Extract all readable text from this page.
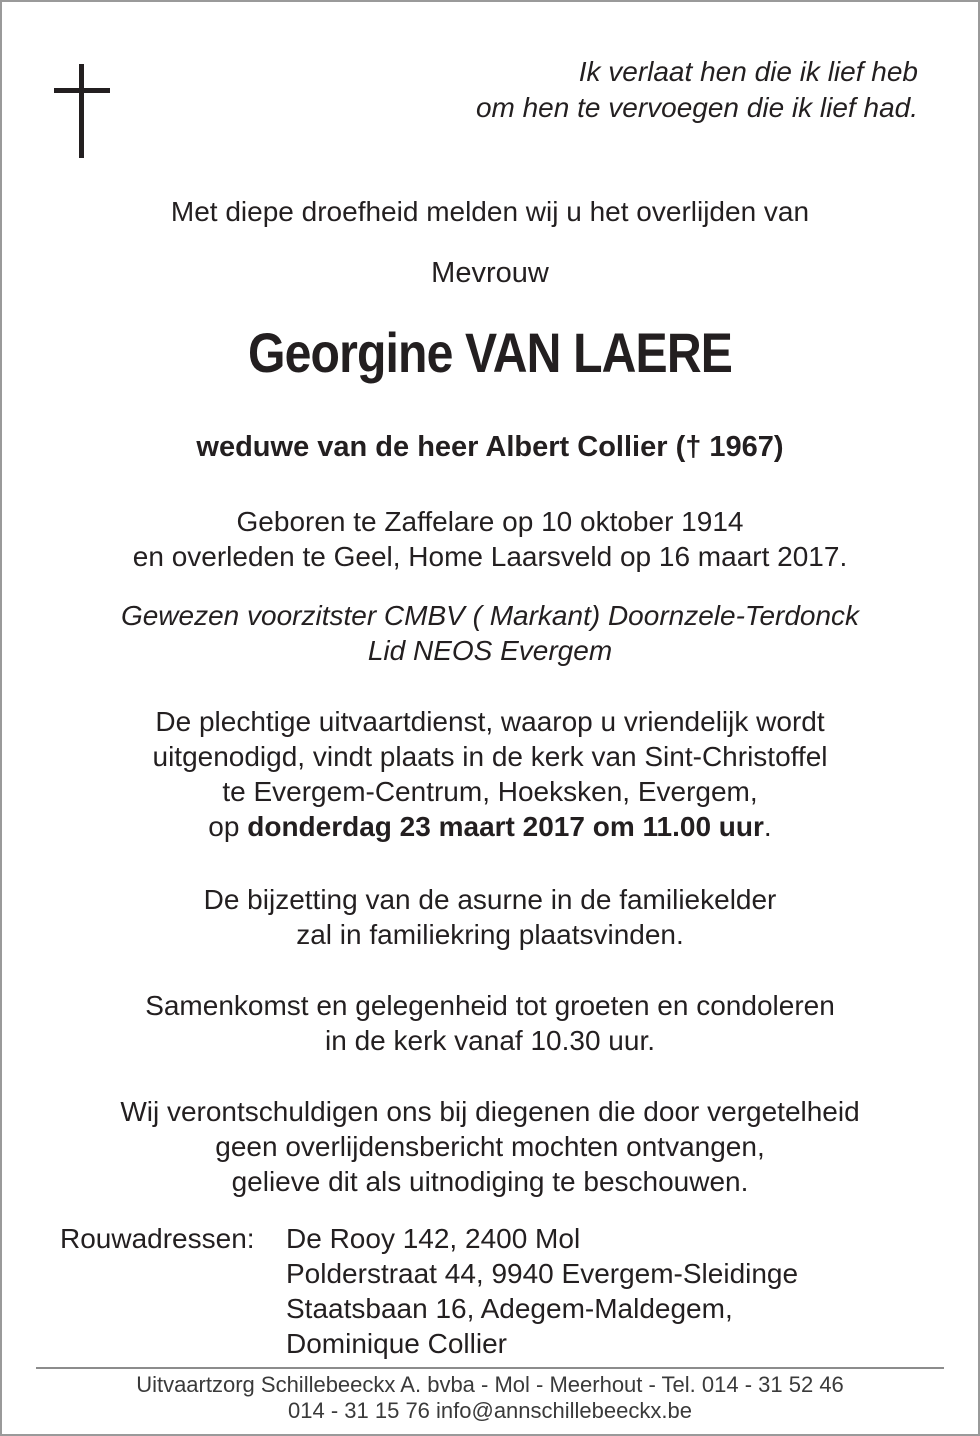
Ik verlaat hen die ik lief heb
om hen te vervoegen die ik lief had.
Met diepe droefheid melden wij u het overlijden van
Mevrouw
Georgine VAN LAERE
weduwe van de heer Albert Collier († 1967)
Geboren te Zaffelare op 10 oktober 1914
en overleden te Geel, Home Laarsveld op 16 maart 2017.
Gewezen voorzitster CMBV ( Markant) Doornzele-Terdonck
Lid NEOS Evergem
De plechtige uitvaartdienst, waarop u vriendelijk wordt
uitgenodigd, vindt plaats in de kerk van Sint-Christoffel
te Evergem-Centrum, Hoeksken, Evergem,
op donderdag 23 maart 2017 om 11.00 uur.
De bijzetting van de asurne in de familiekelder
zal in familiekring plaatsvinden.
Samenkomst en gelegenheid tot groeten en condoleren
in de kerk vanaf 10.30 uur.
Wij verontschuldigen ons bij diegenen die door vergetelheid
geen overlijdensbericht mochten ontvangen,
gelieve dit als uitnodiging te beschouwen.
Rouwadressen: De Rooy 142, 2400 Mol
Polderstraat 44, 9940 Evergem-Sleidinge
Staatsbaan 16, Adegem-Maldegem,
Dominique Collier
Uitvaartzorg Schillebeeckx A. bvba - Mol - Meerhout - Tel. 014 - 31 52 46
014 - 31 15 76 info@annschillebeeckx.be
